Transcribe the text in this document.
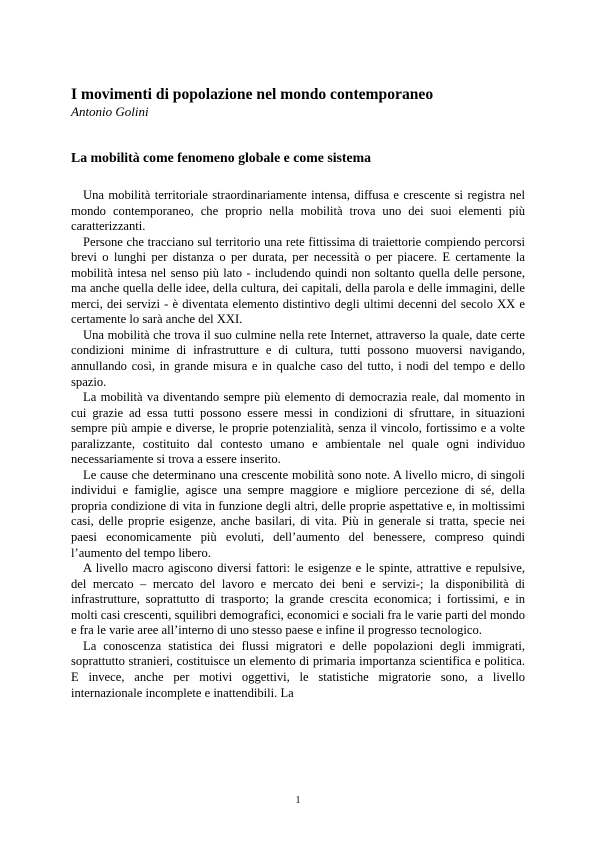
I movimenti di popolazione nel mondo contemporaneo
Antonio Golini
La mobilità come fenomeno globale e come sistema

Una mobilità territoriale straordinariamente intensa, diffusa e crescente si registra nel mondo contemporaneo, che proprio nella mobilità trova uno dei suoi elementi più caratterizzanti.

Persone che tracciano sul territorio una rete fittissima di traiettorie compiendo percorsi brevi o lunghi per distanza o per durata, per necessità o per piacere. E certamente la mobilità intesa nel senso più lato - includendo quindi non soltanto quella delle persone, ma anche quella delle idee, della cultura, dei capitali, della parola e delle immagini, delle merci, dei servizi - è diventata elemento distintivo degli ultimi decenni del secolo XX e certamente lo sarà anche del XXI.

Una mobilità che trova il suo culmine nella rete Internet, attraverso la quale, date certe condizioni minime di infrastrutture e di cultura, tutti possono muoversi navigando, annullando così, in grande misura e in qualche caso del tutto, i nodi del tempo e dello spazio.

La mobilità va diventando sempre più elemento di democrazia reale, dal momento in cui grazie ad essa tutti possono essere messi in condizioni di sfruttare, in situazioni sempre più ampie e diverse, le proprie potenzialità, senza il vincolo, fortissimo e a volte paralizzante, costituito dal contesto umano e ambientale nel quale ogni individuo necessariamente si trova a essere inserito.

Le cause che determinano una crescente mobilità sono note. A livello micro, di singoli individui e famiglie, agisce una sempre maggiore e migliore percezione di sé, della propria condizione di vita in funzione degli altri, delle proprie aspettative e, in moltissimi casi, delle proprie esigenze, anche basilari, di vita. Più in generale si tratta, specie nei paesi economicamente più evoluti, dell’aumento del benessere, compreso quindi l’aumento del tempo libero.

A livello macro agiscono diversi fattori: le esigenze e le spinte, attrattive e repulsive, del mercato – mercato del lavoro e mercato dei beni e servizi-; la disponibilità di infrastrutture, soprattutto di trasporto; la grande crescita economica; i fortissimi, e in molti casi crescenti, squilibri demografici, economici e sociali fra le varie parti del mondo e fra le varie aree all’interno di uno stesso paese e infine il progresso tecnologico.

La conoscenza statistica dei flussi migratori e delle popolazioni degli immigrati, soprattutto stranieri, costituisce un elemento di primaria importanza scientifica e politica. E invece, anche per motivi oggettivi, le statistiche migratorie sono, a livello internazionale incomplete e inattendibili. La

1
